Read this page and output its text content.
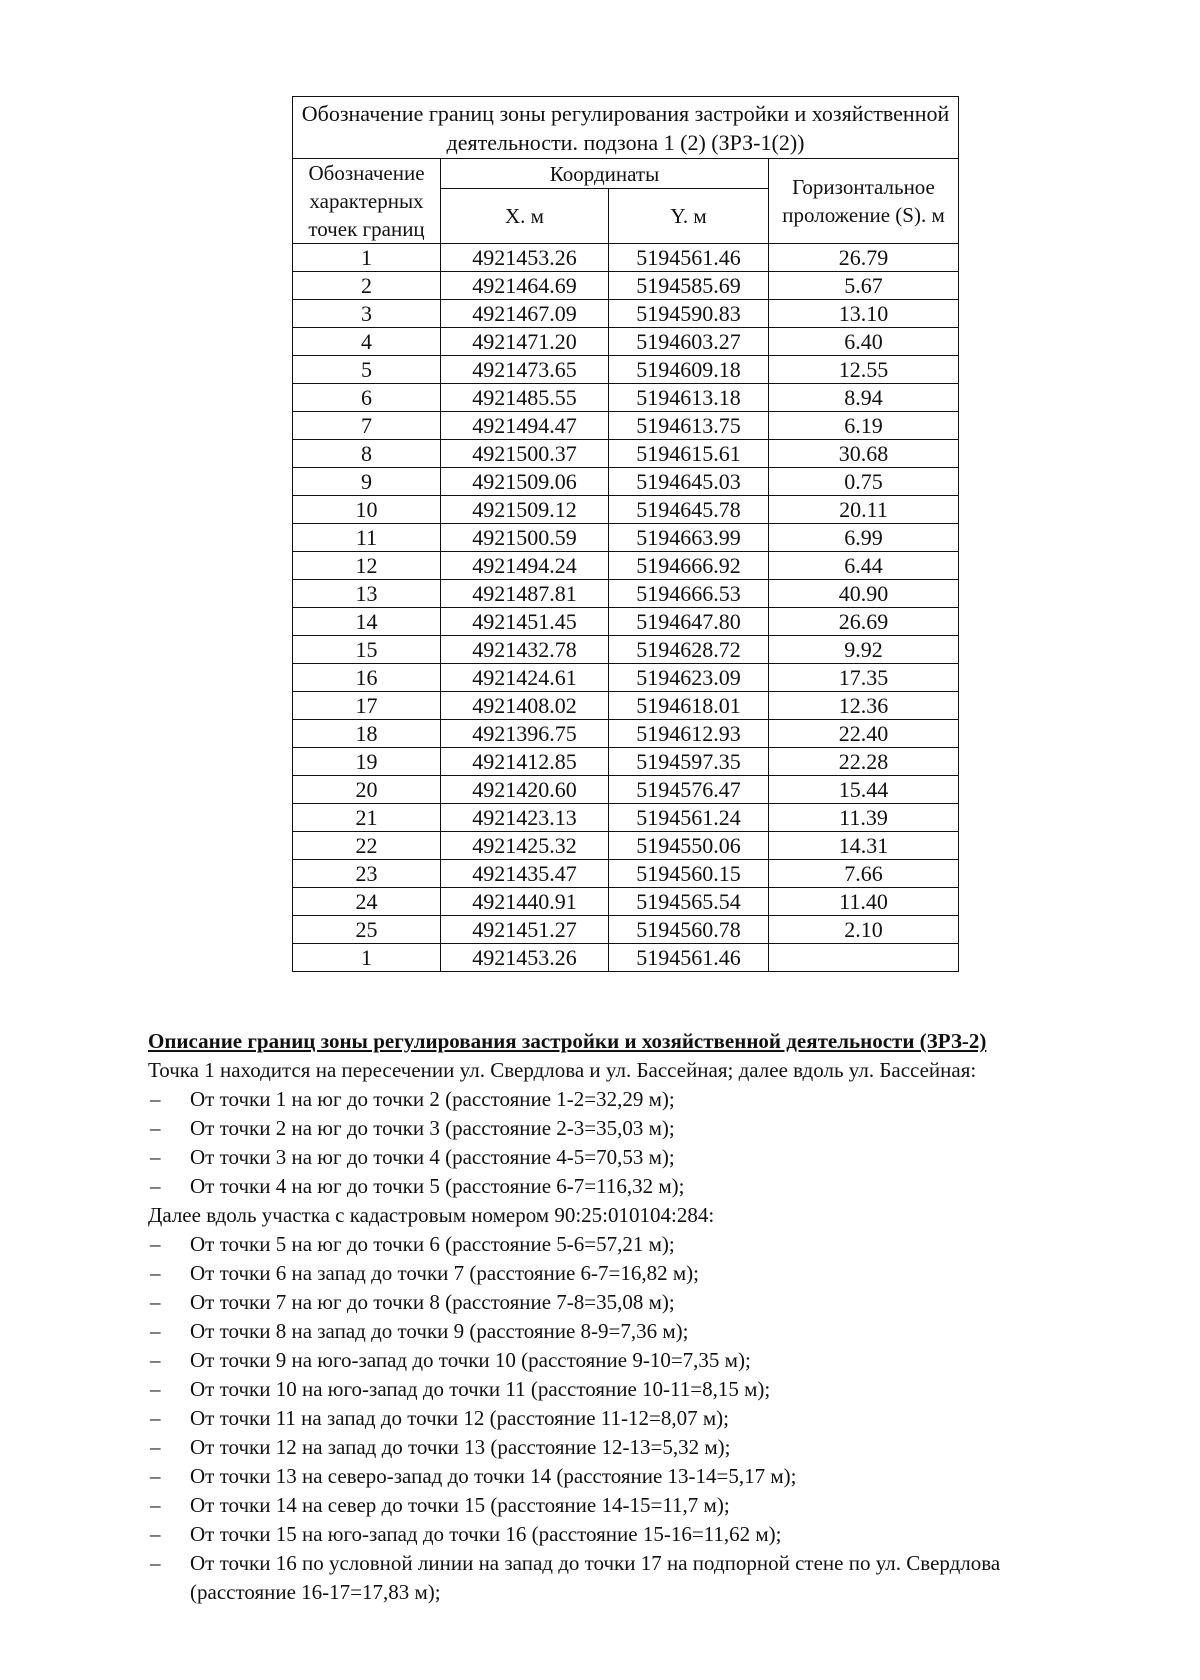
Обозначение границ зоны регулирования застройки и хозяйственной деятельности. подзона 1 (2) (ЗРЗ-1(2))			
Обозначение характерных точек границ	Координаты		Горизонтальное проложение (S). м
	Х. м	Y. м	
1	4921453.26	5194561.46	26.79
2	4921464.69	5194585.69	5.67
3	4921467.09	5194590.83	13.10
4	4921471.20	5194603.27	6.40
5	4921473.65	5194609.18	12.55
6	4921485.55	5194613.18	8.94
7	4921494.47	5194613.75	6.19
8	4921500.37	5194615.61	30.68
9	4921509.06	5194645.03	0.75
10	4921509.12	5194645.78	20.11
11	4921500.59	5194663.99	6.99
12	4921494.24	5194666.92	6.44
13	4921487.81	5194666.53	40.90
14	4921451.45	5194647.80	26.69
15	4921432.78	5194628.72	9.92
16	4921424.61	5194623.09	17.35
17	4921408.02	5194618.01	12.36
18	4921396.75	5194612.93	22.40
19	4921412.85	5194597.35	22.28
20	4921420.60	5194576.47	15.44
21	4921423.13	5194561.24	11.39
22	4921425.32	5194550.06	14.31
23	4921435.47	5194560.15	7.66
24	4921440.91	5194565.54	11.40
25	4921451.27	5194560.78	2.10
1	4921453.26	5194561.46	
Описание границ зоны регулирования застройки и хозяйственной деятельности (ЗРЗ-2)

Точка 1 находится на пересечении ул. Свердлова и ул. Бассейная; далее вдоль ул. Бассейная:

– От точки 1 на юг до точки 2 (расстояние 1-2=32,29 м);
– От точки 2 на юг до точки 3 (расстояние 2-3=35,03 м);
– От точки 3 на юг до точки 4 (расстояние 4-5=70,53 м);
– От точки 4 на юг до точки 5 (расстояние 6-7=116,32 м);

Далее вдоль участка с кадастровым номером 90:25:010104:284:

– От точки 5 на юг до точки 6 (расстояние 5-6=57,21 м);
– От точки 6 на запад до точки 7 (расстояние 6-7=16,82 м);
– От точки 7 на юг до точки 8 (расстояние 7-8=35,08 м);
– От точки 8 на запад до точки 9 (расстояние 8-9=7,36 м);
– От точки 9 на юго-запад до точки 10 (расстояние 9-10=7,35 м);
– От точки 10 на юго-запад до точки 11 (расстояние 10-11=8,15 м);
– От точки 11 на запад до точки 12 (расстояние 11-12=8,07 м);
– От точки 12 на запад до точки 13 (расстояние 12-13=5,32 м);
– От точки 13 на северо-запад до точки 14 (расстояние 13-14=5,17 м);
– От точки 14 на север до точки 15 (расстояние 14-15=11,7 м);
– От точки 15 на юго-запад до точки 16 (расстояние 15-16=11,62 м);
– От точки 16 по условной линии на запад до точки 17 на подпорной стене по ул. Свердлова (расстояние 16-17=17,83 м);
